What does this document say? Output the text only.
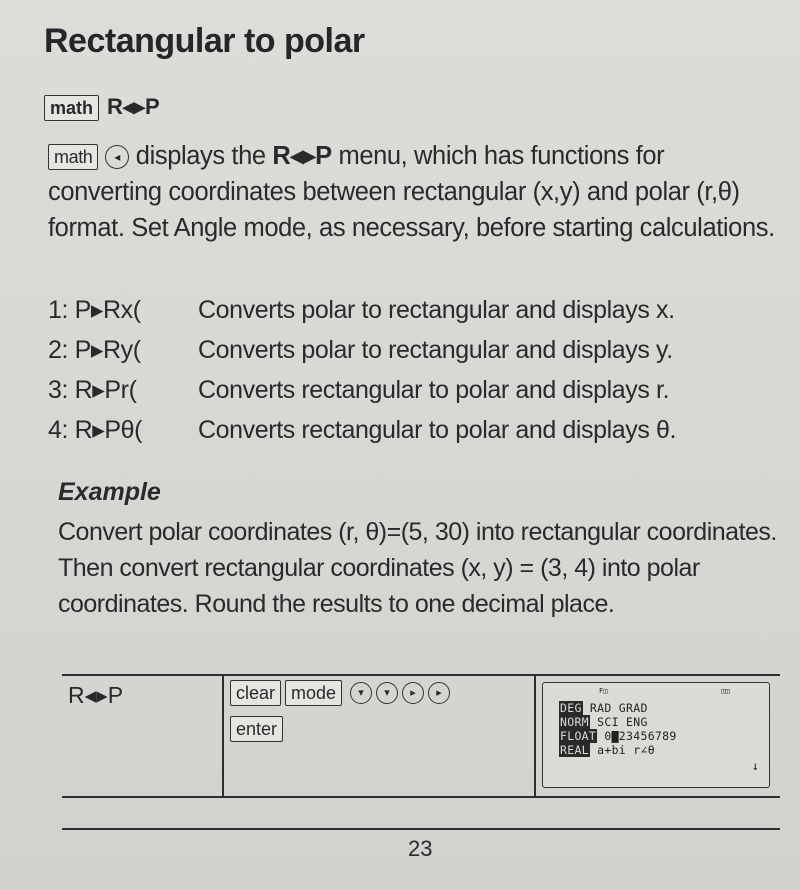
Rectangular to polar
math R◂▸P
math ◂ displays the R◂▸P menu, which has functions for converting coordinates between rectangular (x,y) and polar (r,θ) format. Set Angle mode, as necessary, before starting calculations.
1: P▸Rx( Converts polar to rectangular and displays x.
2: P▸Ry( Converts polar to rectangular and displays y.
3: R▸Pr( Converts rectangular to polar and displays r.
4: R▸Pθ( Converts rectangular to polar and displays θ.
Example
Convert polar coordinates (r, θ)=(5, 30) into rectangular coordinates. Then convert rectangular coordinates (x, y) = (3, 4) into polar coordinates. Round the results to one decimal place.
R◂▸P	clear mode ▾ ▾ ▸ ▸
enter
F◫	◫◫
DEG RAD GRAD
NORM SCI ENG
FLOAT 0▇23456789
REAL a+bi r∠θ
↓
23
